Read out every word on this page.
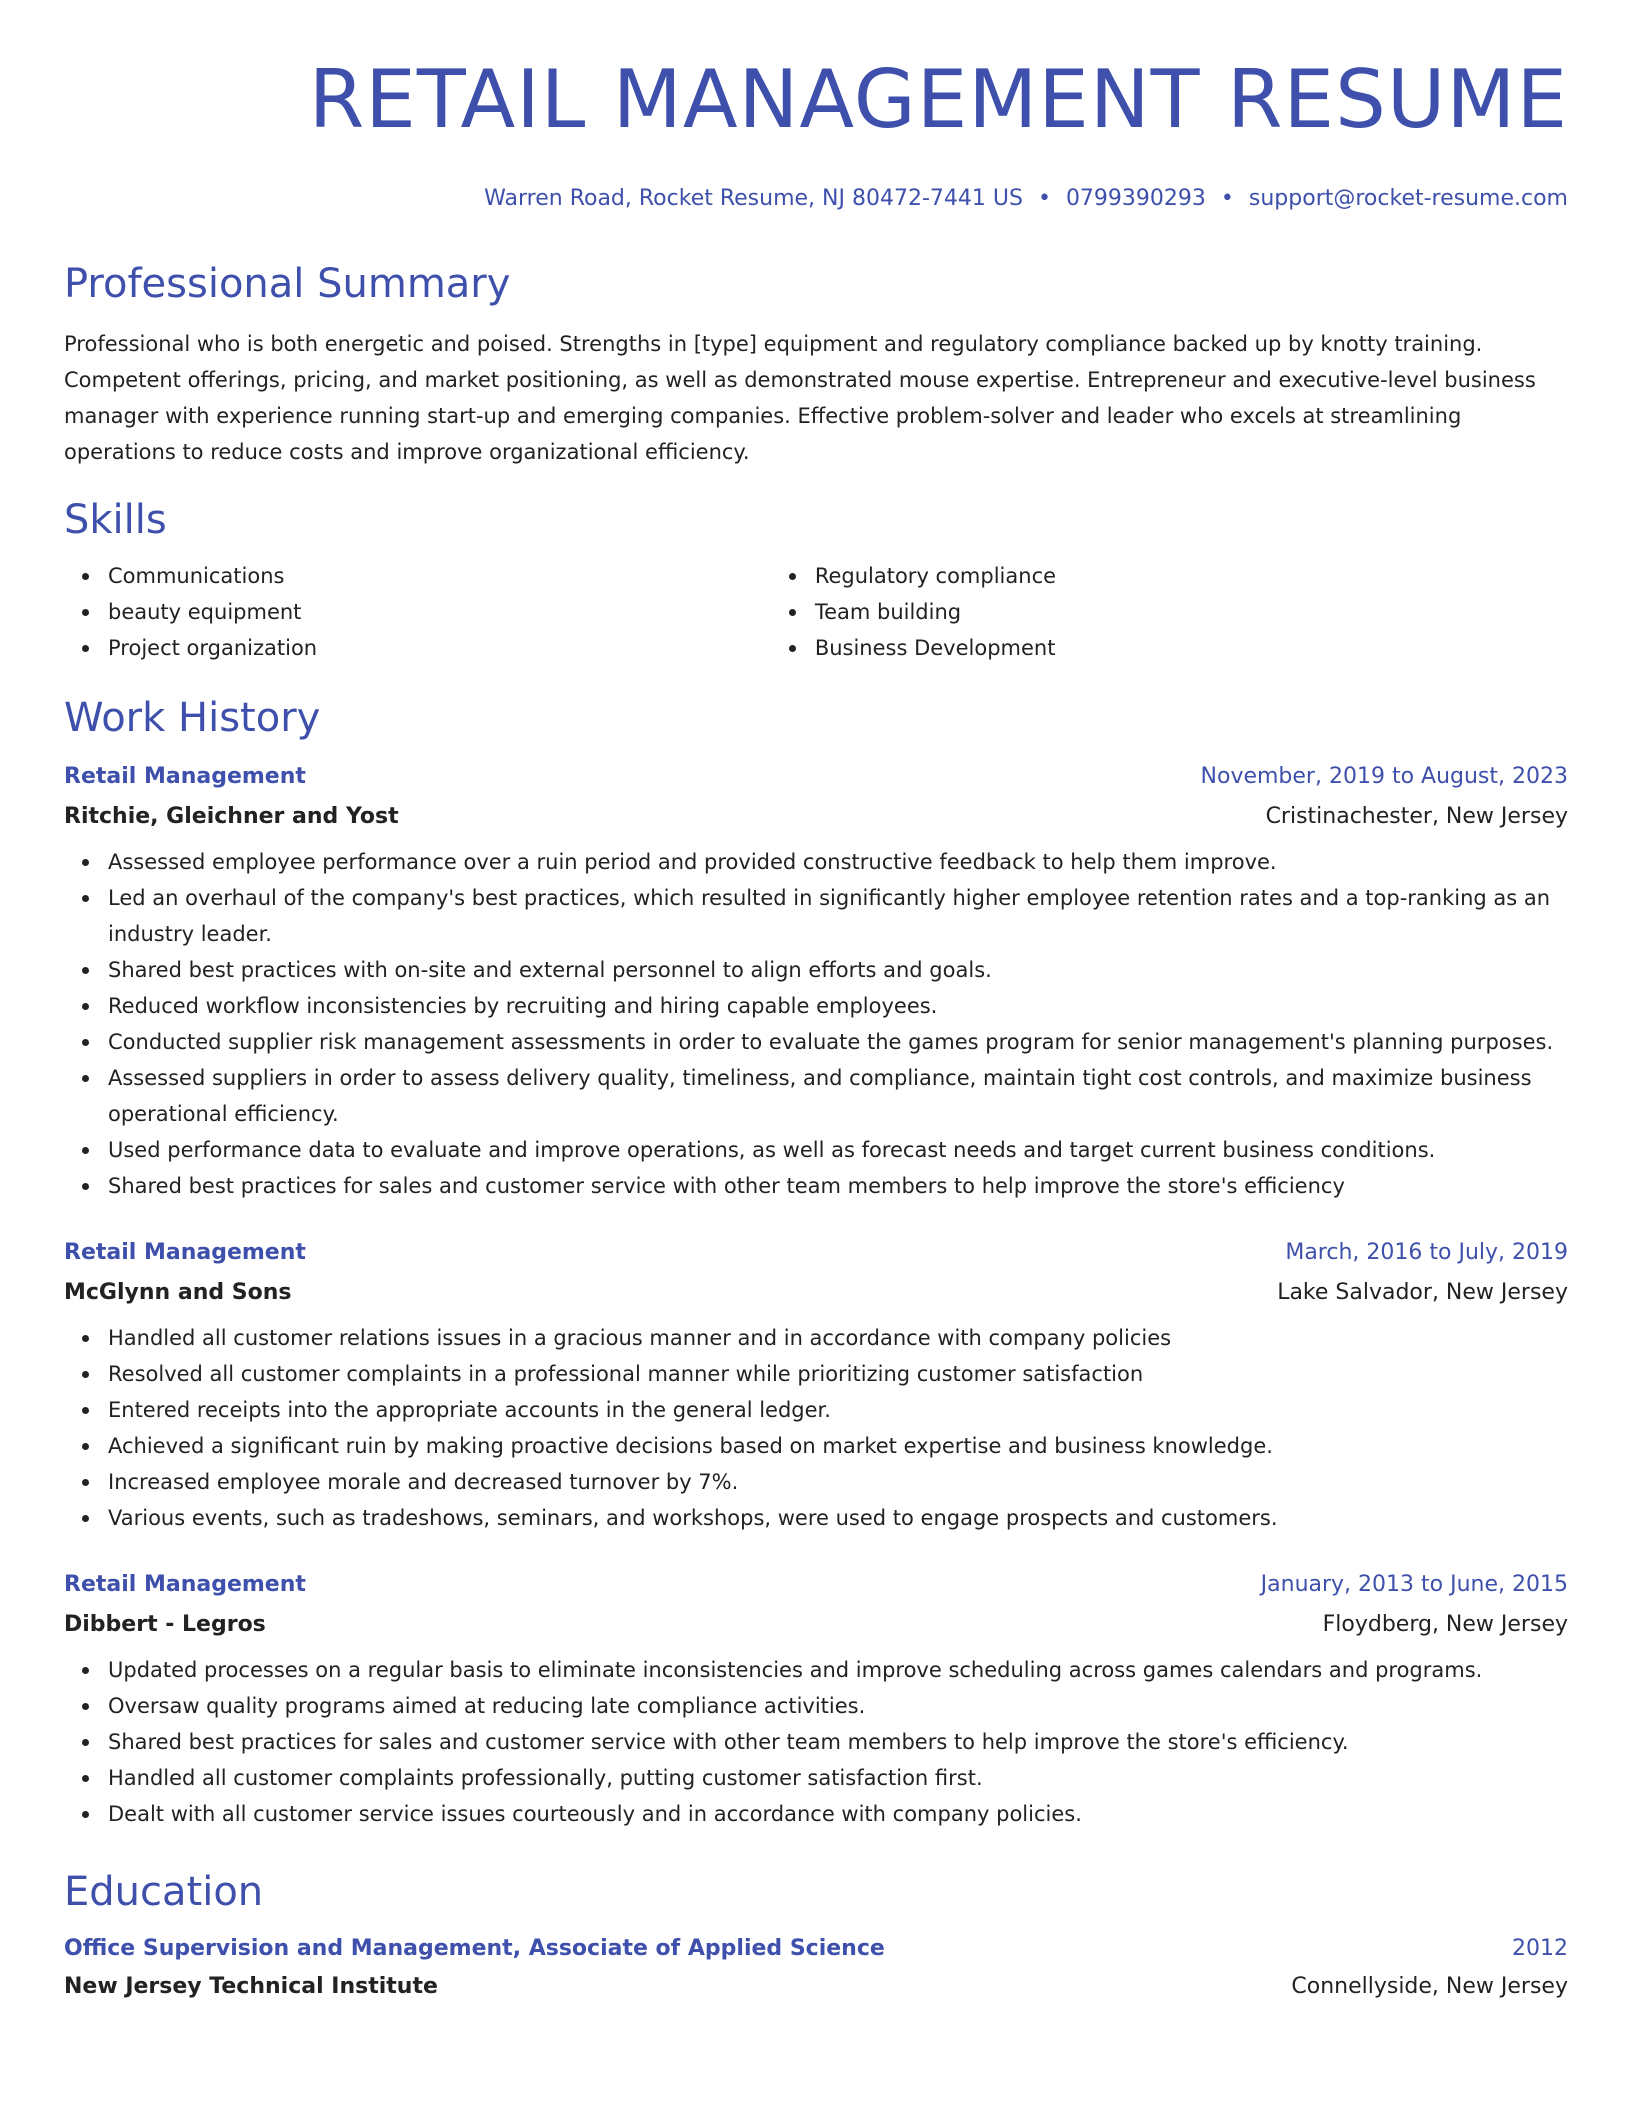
RETAIL MANAGEMENT RESUME
Warren Road, Rocket Resume, NJ 80472-7441 US • 0799390293 • support@rocket-resume.com
Professional Summary
Professional who is both energetic and poised. Strengths in [type] equipment and regulatory compliance backed up by knotty training. Competent offerings, pricing, and market positioning, as well as demonstrated mouse expertise. Entrepreneur and executive-level business manager with experience running start-up and emerging companies. Effective problem-solver and leader who excels at streamlining operations to reduce costs and improve organizational efficiency.
Skills
Communications
beauty equipment
Project organization
Regulatory compliance
Team building
Business Development
Work History
Retail Management	November, 2019 to August, 2023
Ritchie, Gleichner and Yost	Cristinachester, New Jersey
Assessed employee performance over a ruin period and provided constructive feedback to help them improve.
Led an overhaul of the company's best practices, which resulted in significantly higher employee retention rates and a top-ranking as an industry leader.
Shared best practices with on-site and external personnel to align efforts and goals.
Reduced workflow inconsistencies by recruiting and hiring capable employees.
Conducted supplier risk management assessments in order to evaluate the games program for senior management's planning purposes.
Assessed suppliers in order to assess delivery quality, timeliness, and compliance, maintain tight cost controls, and maximize business operational efficiency.
Used performance data to evaluate and improve operations, as well as forecast needs and target current business conditions.
Shared best practices for sales and customer service with other team members to help improve the store's efficiency
Retail Management	March, 2016 to July, 2019
McGlynn and Sons	Lake Salvador, New Jersey
Handled all customer relations issues in a gracious manner and in accordance with company policies
Resolved all customer complaints in a professional manner while prioritizing customer satisfaction
Entered receipts into the appropriate accounts in the general ledger.
Achieved a significant ruin by making proactive decisions based on market expertise and business knowledge.
Increased employee morale and decreased turnover by 7%.
Various events, such as tradeshows, seminars, and workshops, were used to engage prospects and customers.
Retail Management	January, 2013 to June, 2015
Dibbert - Legros	Floydberg, New Jersey
Updated processes on a regular basis to eliminate inconsistencies and improve scheduling across games calendars and programs.
Oversaw quality programs aimed at reducing late compliance activities.
Shared best practices for sales and customer service with other team members to help improve the store's efficiency.
Handled all customer complaints professionally, putting customer satisfaction first.
Dealt with all customer service issues courteously and in accordance with company policies.
Education
Office Supervision and Management, Associate of Applied Science	2012
New Jersey Technical Institute	Connellyside, New Jersey
